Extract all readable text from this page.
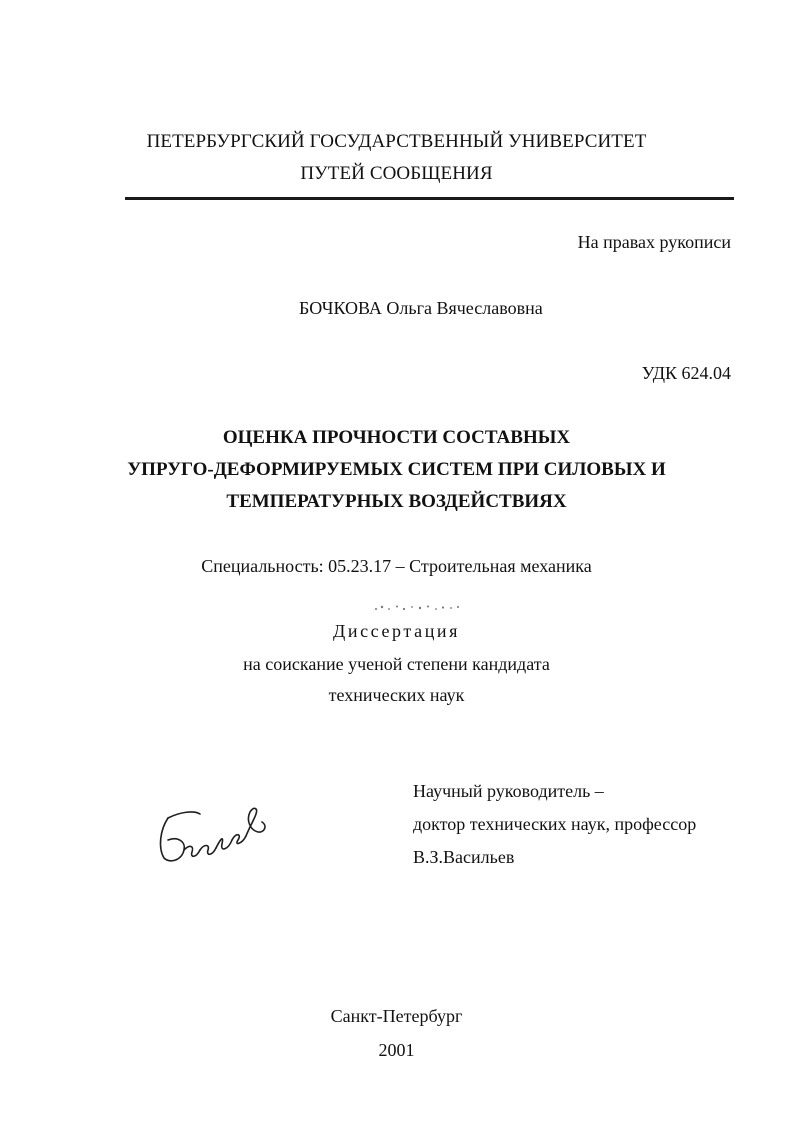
ПЕТЕРБУРГСКИЙ ГОСУДАРСТВЕННЫЙ УНИВЕРСИТЕТ
ПУТЕЙ СООБЩЕНИЯ
На правах рукописи
БОЧКОВА Ольга Вячеславовна
УДК 624.04
ОЦЕНКА ПРОЧНОСТИ СОСТАВНЫХ
УПРУГО-ДЕФОРМИРУЕМЫХ СИСТЕМ ПРИ СИЛОВЫХ И
ТЕМПЕРАТУРНЫХ ВОЗДЕЙСТВИЯХ
Специальность: 05.23.17 – Строительная механика
Диссертация
на соискание ученой степени кандидата
технических наук
Научный руководитель –
доктор технических наук, профессор
В.З.Васильев
Санкт-Петербург
2001
